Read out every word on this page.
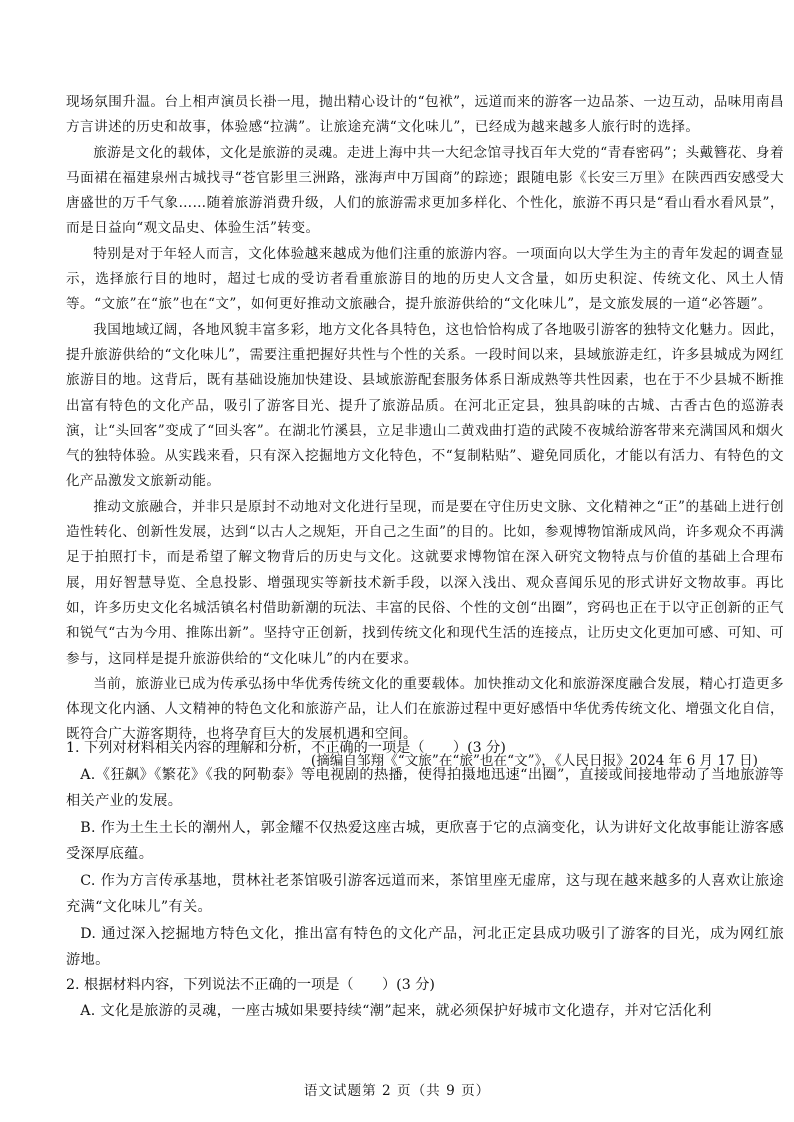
现场氛围升温。台上相声演员长褂一甩，抛出精心设计的“包袱”，远道而来的游客一边品茶、一边互动，品味用南昌方言讲述的历史和故事，体验感“拉满”。让旅途充满“文化味儿”，已经成为越来越多人旅行时的选择。

旅游是文化的载体，文化是旅游的灵魂。走进上海中共一大纪念馆寻找百年大党的“青春密码”；头戴簪花、身着马面裙在福建泉州古城找寻“苍官影里三洲路，涨海声中万国商”的踪迹；跟随电影《长安三万里》在陕西西安感受大唐盛世的万千气象……随着旅游消费升级，人们的旅游需求更加多样化、个性化，旅游不再只是“看山看水看风景”，而是日益向“观文品史、体验生活”转变。

特别是对于年轻人而言，文化体验越来越成为他们注重的旅游内容。一项面向以大学生为主的青年发起的调查显示，选择旅行目的地时，超过七成的受访者看重旅游目的地的历史人文含量，如历史积淀、传统文化、风土人情等。“文旅”在“旅”也在“文”，如何更好推动文旅融合，提升旅游供给的“文化味儿”，是文旅发展的一道“必答题”。

我国地域辽阔，各地风貌丰富多彩，地方文化各具特色，这也恰恰构成了各地吸引游客的独特文化魅力。因此，提升旅游供给的“文化味儿”，需要注重把握好共性与个性的关系。一段时间以来，县域旅游走红，许多县城成为网红旅游目的地。这背后，既有基础设施加快建设、县域旅游配套服务体系日渐成熟等共性因素，也在于不少县城不断推出富有特色的文化产品，吸引了游客目光、提升了旅游品质。在河北正定县，独具韵味的古城、古香古色的巡游表演，让“头回客”变成了“回头客”。在湖北竹溪县，立足非遗山二黄戏曲打造的武陵不夜城给游客带来充满国风和烟火气的独特体验。从实践来看，只有深入挖掘地方文化特色，不“复制粘贴”、避免同质化，才能以有活力、有特色的文化产品激发文旅新动能。

推动文旅融合，并非只是原封不动地对文化进行呈现，而是要在守住历史文脉、文化精神之“正”的基础上进行创造性转化、创新性发展，达到“以古人之规矩，开自己之生面”的目的。比如，参观博物馆渐成风尚，许多观众不再满足于拍照打卡，而是希望了解文物背后的历史与文化。这就要求博物馆在深入研究文物特点与价值的基础上合理布展，用好智慧导览、全息投影、增强现实等新技术新手段，以深入浅出、观众喜闻乐见的形式讲好文物故事。再比如，许多历史文化名城活镇名村借助新潮的玩法、丰富的民俗、个性的文创“出圈”，窍码也正在于以守正创新的正气和锐气“古为今用、推陈出新”。坚持守正创新，找到传统文化和现代生活的连接点，让历史文化更加可感、可知、可参与，这同样是提升旅游供给的“文化味儿”的内在要求。

当前，旅游业已成为传承弘扬中华优秀传统文化的重要载体。加快推动文化和旅游深度融合发展，精心打造更多体现文化内涵、人文精神的特色文化和旅游产品，让人们在旅游过程中更好感悟中华优秀传统文化、增强文化自信，既符合广大游客期待，也将孕育巨大的发展机遇和空间。

(摘编自邹翔《“文旅”在“旅”也在“文”》，《人民日报》2024 年 6 月 17 日)

1. 下列对材料相关内容的理解和分析，不正确的一项是（　　）(3 分)

A.《狂飙》《繁花》《我的阿勒泰》等电视剧的热播，使得拍摄地迅速“出圈”，直接或间接地带动了当地旅游等相关产业的发展。

B. 作为土生土长的潮州人，郭金耀不仅热爱这座古城，更欣喜于它的点滴变化，认为讲好文化故事能让游客感受深厚底蕴。

C. 作为方言传承基地，贯林社老茶馆吸引游客远道而来，茶馆里座无虚席，这与现在越来越多的人喜欢让旅途充满“文化味儿”有关。

D. 通过深入挖掘地方特色文化，推出富有特色的文化产品，河北正定县成功吸引了游客的目光，成为网红旅游地。

2. 根据材料内容，下列说法不正确的一项是（　　）(3 分)

A. 文化是旅游的灵魂，一座古城如果要持续“潮”起来，就必须保护好城市文化遗存，并对它活化利

语文试题第 2 页（共 9 页）
